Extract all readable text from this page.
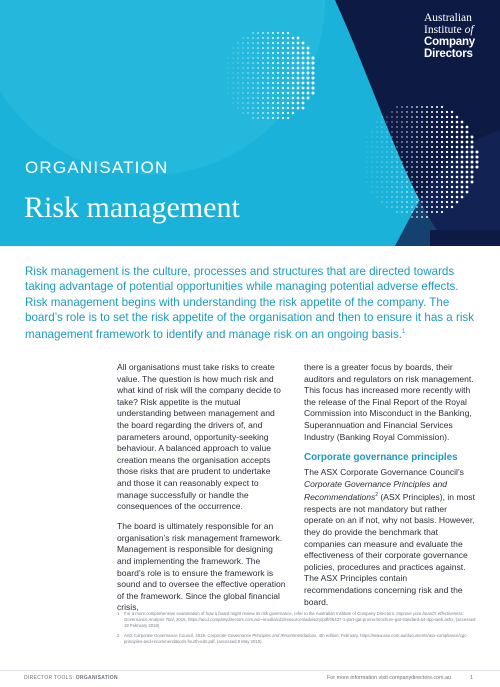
Australian
Institute of
Company
Directors
ORGANISATION
Risk management
Risk management is the culture, processes and structures that are directed towards taking advantage of potential opportunities while managing potential adverse effects. Risk management begins with understanding the risk appetite of the company. The board’s role is to set the risk appetite of the organisation and then to ensure it has a risk management framework to identify and manage risk on an ongoing basis.$^1$

All organisations must take risks to create value. The question is how much risk and what kind of risk will the company decide to take? Risk appetite is the mutual understanding between management and the board regarding the drivers of, and parameters around, opportunity-seeking behaviour. A balanced approach to value creation means the organisation accepts those risks that are prudent to undertake and those it can reasonably expect to manage successfully or handle the consequences of the occurrence.

The board is ultimately responsible for an organisation’s risk management framework. Management is responsible for designing and implementing the framework. The board’s role is to ensure the framework is sound and to oversee the effective operation of the framework. Since the global financial crisis,

there is a greater focus by boards, their auditors and regulators on risk management. This focus has increased more recently with the release of the Final Report of the Royal Commission into Misconduct in the Banking, Superannuation and Financial Services Industry (Banking Royal Commission).

Corporate governance principles

The ASX Corporate Governance Council’s Corporate Governance Principles and Recommendations$^2$ (ASX Principles), in most respects are not mandatory but rather operate on an if not, why not basis. However, they do provide the benchmark that companies can measure and evaluate the effectiveness of their corporate governance policies, procedures and practices against. The ASX Principles contain recommendations concerning risk and the board.

1	For a more comprehensive examination of how a board might review its risk governance, refer to the Australian Institute of Company Directors, Improve your board’s effectiveness: Governance Analysis Tool, 2015, https://aicd.companydirectors.com.au/~/media/cd2/resources/advisory/pdf/05437-1-part-gat-promo-brochure-gat-standard-a4-4pp-web.ashx, (accessed 18 February 2019).
2	ASX Corporate Governance Council, 2019, Corporate Governance Principles and Recommendations, 4th edition, February, https://www.asx.com.au/documents/asx-compliance/cgc-principles-and-recommendations-fourth-edn.pdf, (accessed 8 May 2019).
DIRECTOR TOOLS: ORGANISATION	For more information visit companydirectors.com.au	1
